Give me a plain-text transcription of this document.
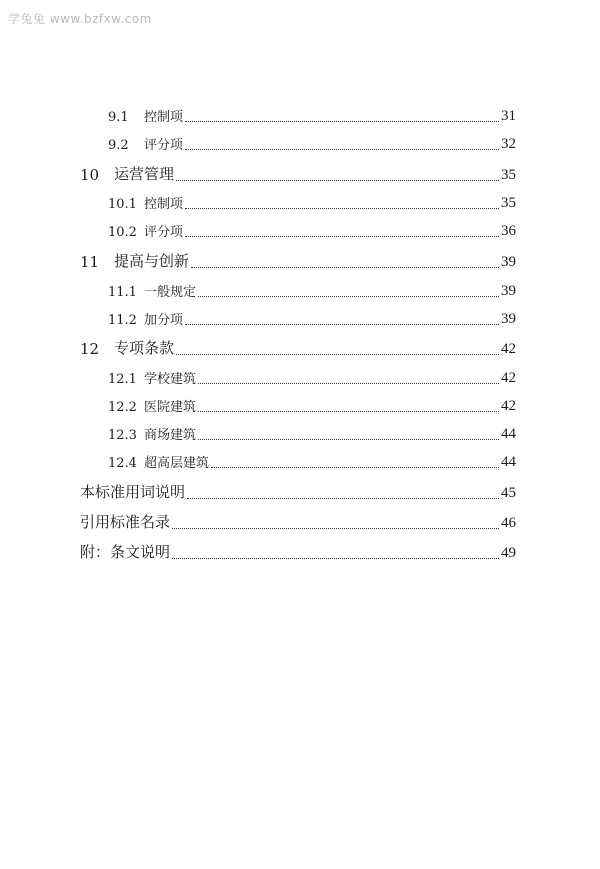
学兔兔 www.bzfxw.com
9.1	控制项	31
9.2	评分项	32
10 运营管理	35
10.1 控制项	35
10.2 评分项	36
11 提高与创新	39
11.1 一般规定	39
11.2 加分项	39
12 专项条款	42
12.1 学校建筑	42
12.2 医院建筑	42
12.3 商场建筑	44
12.4 超高层建筑	44
本标准用词说明	45
引用标准名录	46
附：条文说明	49
